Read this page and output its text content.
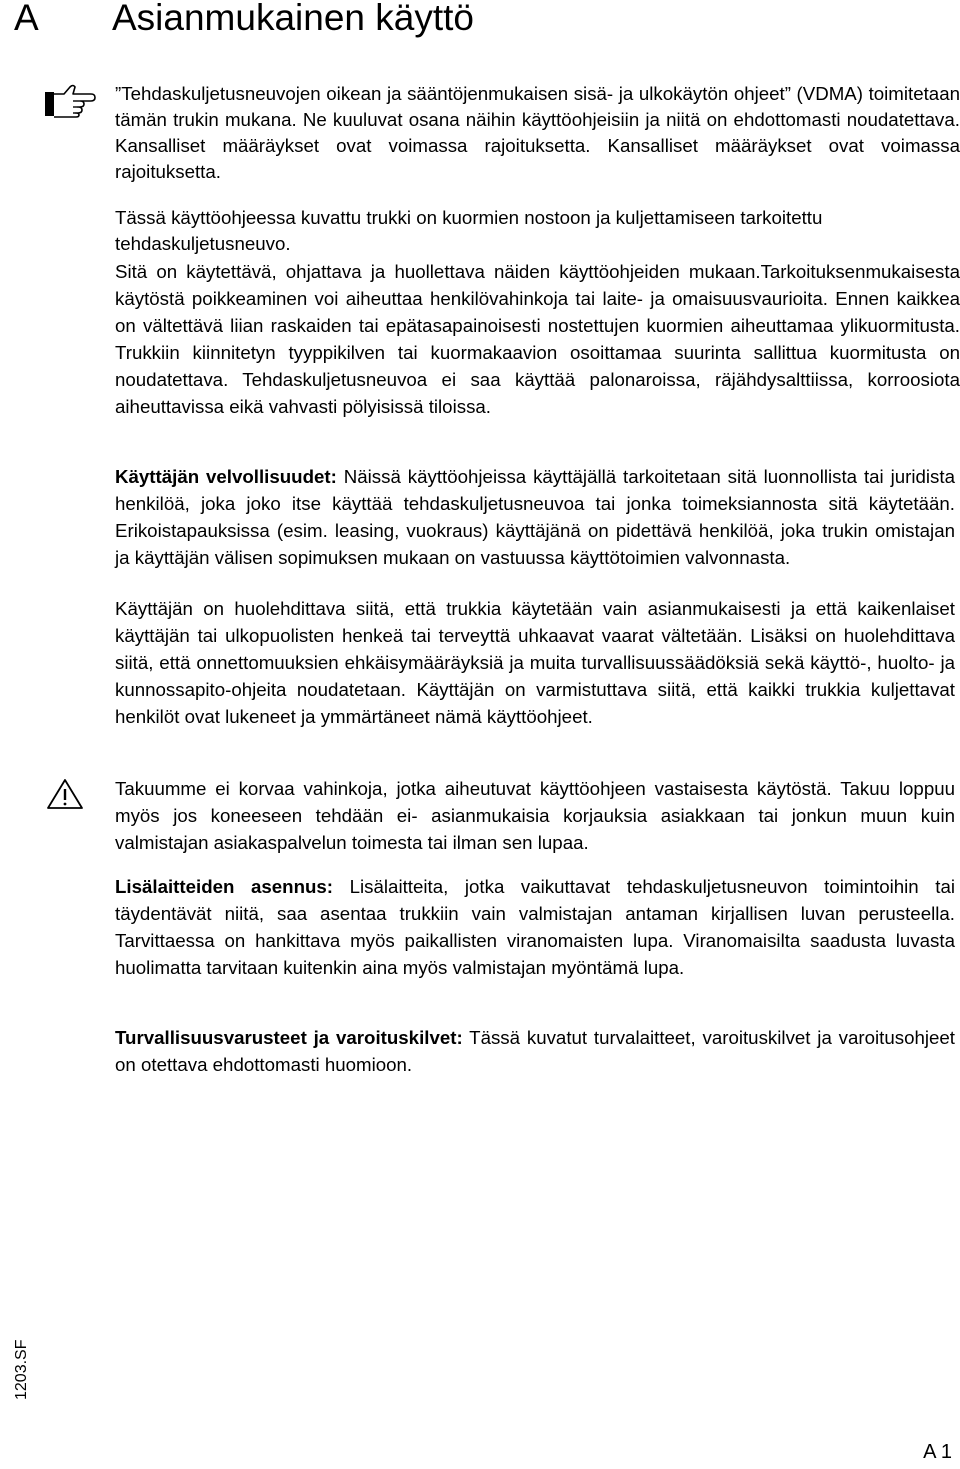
A Asianmukainen käyttö

”Tehdaskuljetusneuvojen oikean ja sääntöjenmukaisen sisä- ja ulkokäytön ohjeet” (VDMA) toimitetaan tämän trukin mukana. Ne kuuluvat osana näihin käyttöohjeisiin ja niitä on ehdottomasti noudatettava. Kansalliset määräykset ovat voimassa rajoituksetta. Kansalliset määräykset ovat voimassa rajoituksetta.

Tässä käyttöohjeessa kuvattu trukki on kuormien nostoon ja kuljettamiseen tarkoitettu tehdaskuljetusneuvo.

Sitä on käytettävä, ohjattava ja huollettava näiden käyttöohjeiden mukaan.Tarkoituksenmukaisesta käytöstä poikkeaminen voi aiheuttaa henkilövahinkoja tai laite- ja omaisuusvaurioita. Ennen kaikkea on vältettävä liian raskaiden tai epätasapainoisesti nostettujen kuormien aiheuttamaa ylikuormitusta. Trukkiin kiinnitetyn tyyppikilven tai kuormakaavion osoittamaa suurinta sallittua kuormitusta on noudatettava. Tehdaskuljetusneuvoa ei saa käyttää palonaroissa, räjähdysalttiissa, korroosiota aiheuttavissa eikä vahvasti pölyisissä tiloissa.

Käyttäjän velvollisuudet: Näissä käyttöohjeissa käyttäjällä tarkoitetaan sitä luonnollista tai juridista henkilöä, joka joko itse käyttää tehdaskuljetusneuvoa tai jonka toimeksiannosta sitä käytetään. Erikoistapauksissa (esim. leasing, vuokraus) käyttäjänä on pidettävä henkilöä, joka trukin omistajan ja käyttäjän välisen sopimuksen mukaan on vastuussa käyttötoimien valvonnasta.

Käyttäjän on huolehdittava siitä, että trukkia käytetään vain asianmukaisesti ja että kaikenlaiset käyttäjän tai ulkopuolisten henkeä tai terveyttä uhkaavat vaarat vältetään. Lisäksi on huolehdittava siitä, että onnettomuuksien ehkäisymääräyksiä ja muita turvallisuussäädöksiä sekä käyttö-, huolto- ja kunnossapito-ohjeita noudatetaan. Käyttäjän on varmistuttava siitä, että kaikki trukkia kuljettavat henkilöt ovat lukeneet ja ymmärtäneet nämä käyttöohjeet.

Takuumme ei korvaa vahinkoja, jotka aiheutuvat käyttöohjeen vastaisesta käytöstä. Takuu loppuu myös jos koneeseen tehdään ei- asianmukaisia korjauksia asiakkaan tai jonkun muun kuin valmistajan asiakaspalvelun toimesta tai ilman sen lupaa.

Lisälaitteiden asennus: Lisälaitteita, jotka vaikuttavat tehdaskuljetusneuvon toimintoihin tai täydentävät niitä, saa asentaa trukkiin vain valmistajan antaman kirjallisen luvan perusteella. Tarvittaessa on hankittava myös paikallisten viranomaisten lupa. Viranomaisilta saadusta luvasta huolimatta tarvitaan kuitenkin aina myös valmistajan myöntämä lupa.

Turvallisuusvarusteet ja varoituskilvet: Tässä kuvatut turvalaitteet, varoituskilvet ja varoitusohjeet on otettava ehdottomasti huomioon.

1203.SF
A 1
